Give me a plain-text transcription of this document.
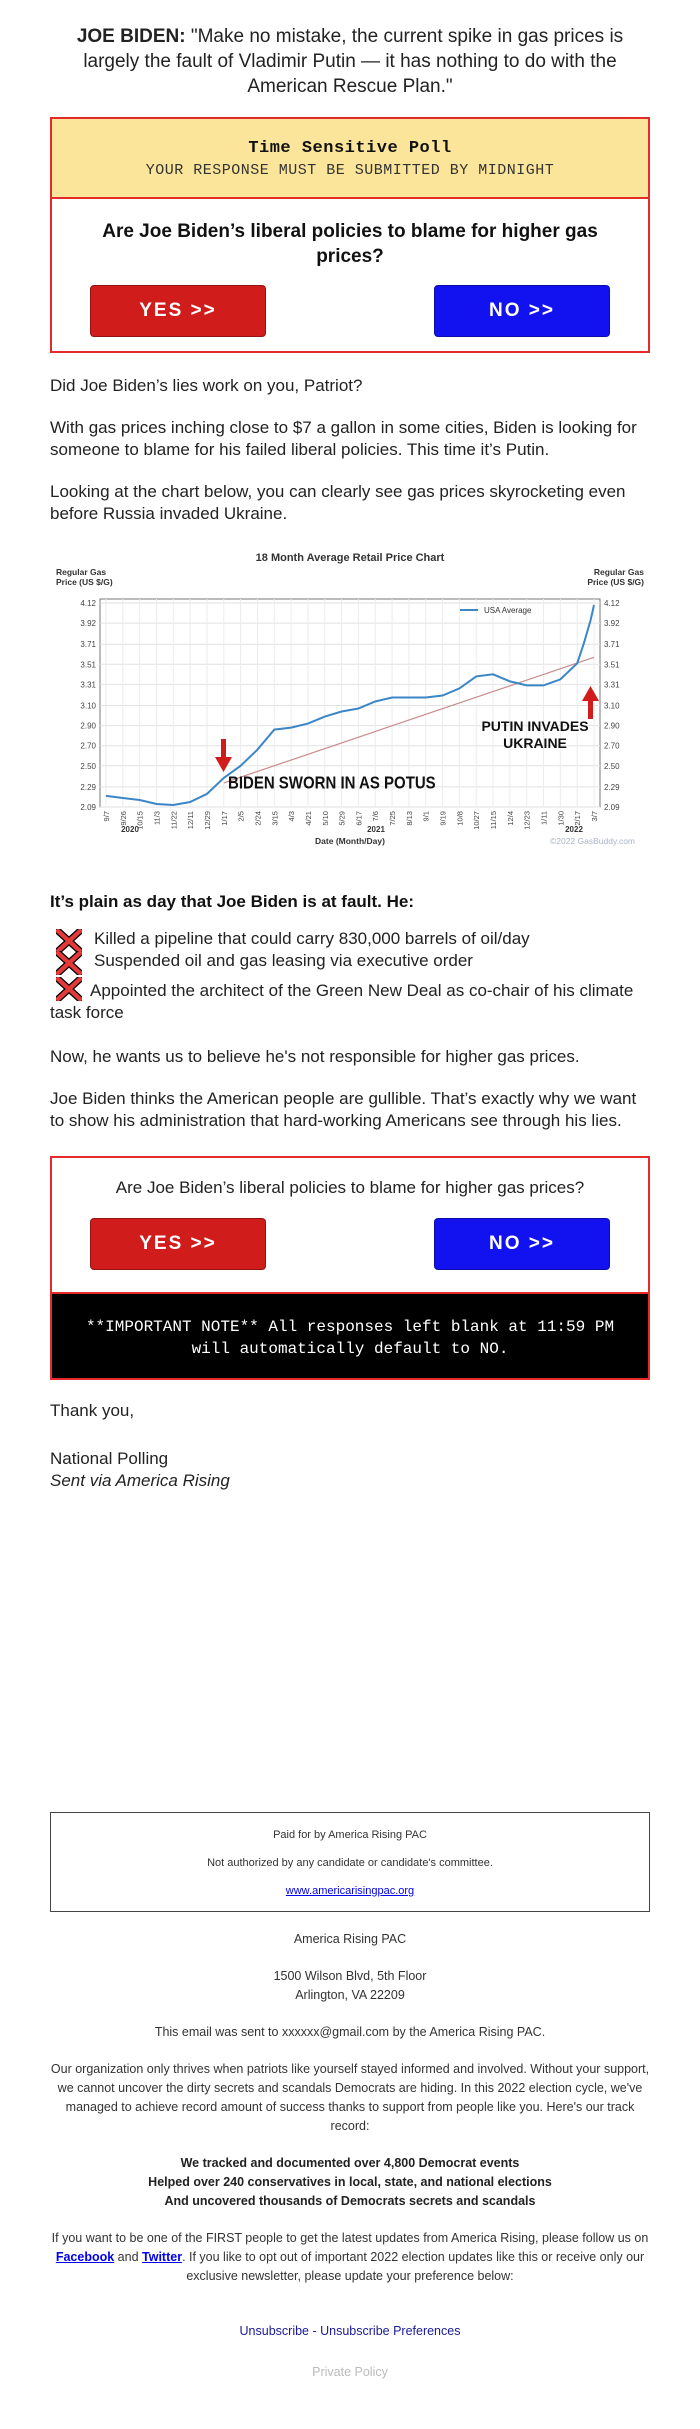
JOE BIDEN: "Make no mistake, the current spike in gas prices is largely the fault of Vladimir Putin — it has nothing to do with the American Rescue Plan."
Time Sensitive Poll
YOUR RESPONSE MUST BE SUBMITTED BY MIDNIGHT
Are Joe Biden’s liberal policies to blame for higher gas prices?
YES >>	NO >>
Did Joe Biden’s lies work on you, Patriot?
With gas prices inching close to $7 a gallon in some cities, Biden is looking for someone to blame for his failed liberal policies. This time it’s Putin.
Looking at the chart below, you can clearly see gas prices skyrocketing even before Russia invaded Ukraine.
18 Month Average Retail Price Chart
Regular Gas Price (US $/G)
Regular Gas Price (US $/G)
4.12	4.12
3.92	3.92
3.71	3.71
3.51	3.51
3.31	3.31
3.10	3.10
2.90	2.90
2.70	2.70
2.50	2.50
2.29	2.29
2.09	2.09
9/7 9/26 10/15 11/3 11/22 12/11 12/29 1/17 2/5 2/24 3/15 4/3 4/21 5/10 5/29 6/17 7/6 7/25 8/13 9/1 9/19 10/8 10/27 11/15 12/4 12/23 1/11 1/30 2/17 3/7
USA Average
BIDEN SWORN IN AS POTUS
PUTIN INVADES
UKRAINE
2020	2021	2022
Date (Month/Day)	©2022 GasBuddy.com
It’s plain as day that Joe Biden is at fault. He:
Killed a pipeline that could carry 830,000 barrels of oil/day
Suspended oil and gas leasing via executive order
Appointed the architect of the Green New Deal as co-chair of his climate task force
Now, he wants us to believe he's not responsible for higher gas prices.
Joe Biden thinks the American people are gullible. That’s exactly why we want to show his administration that hard-working Americans see through his lies.
Are Joe Biden’s liberal policies to blame for higher gas prices?
YES >>	NO >>
**IMPORTANT NOTE** All responses left blank at 11:59 PM will automatically default to NO.
Thank you,
National Polling
Sent via America Rising

Paid for by America Rising PAC

Not authorized by any candidate or candidate's committee.

www.americarisingpac.org

America Rising PAC

1500 Wilson Blvd, 5th Floor

Arlington, VA 22209

This email was sent to xxxxxx@gmail.com by the America Rising PAC.

Our organization only thrives when patriots like yourself stayed informed and involved. Without your support, we cannot uncover the dirty secrets and scandals Democrats are hiding. In this 2022 election cycle, we've managed to achieve record amount of success thanks to support from people like you. Here's our track record:

We tracked and documented over 4,800 Democrat events

Helped over 240 conservatives in local, state, and national elections

And uncovered thousands of Democrats secrets and scandals

If you want to be one of the FIRST people to get the latest updates from America Rising, please follow us on Facebook and Twitter. If you like to opt out of important 2022 election updates like this or receive only our exclusive newsletter, please update your preference below:

Unsubscribe - Unsubscribe Preferences

Private Policy
